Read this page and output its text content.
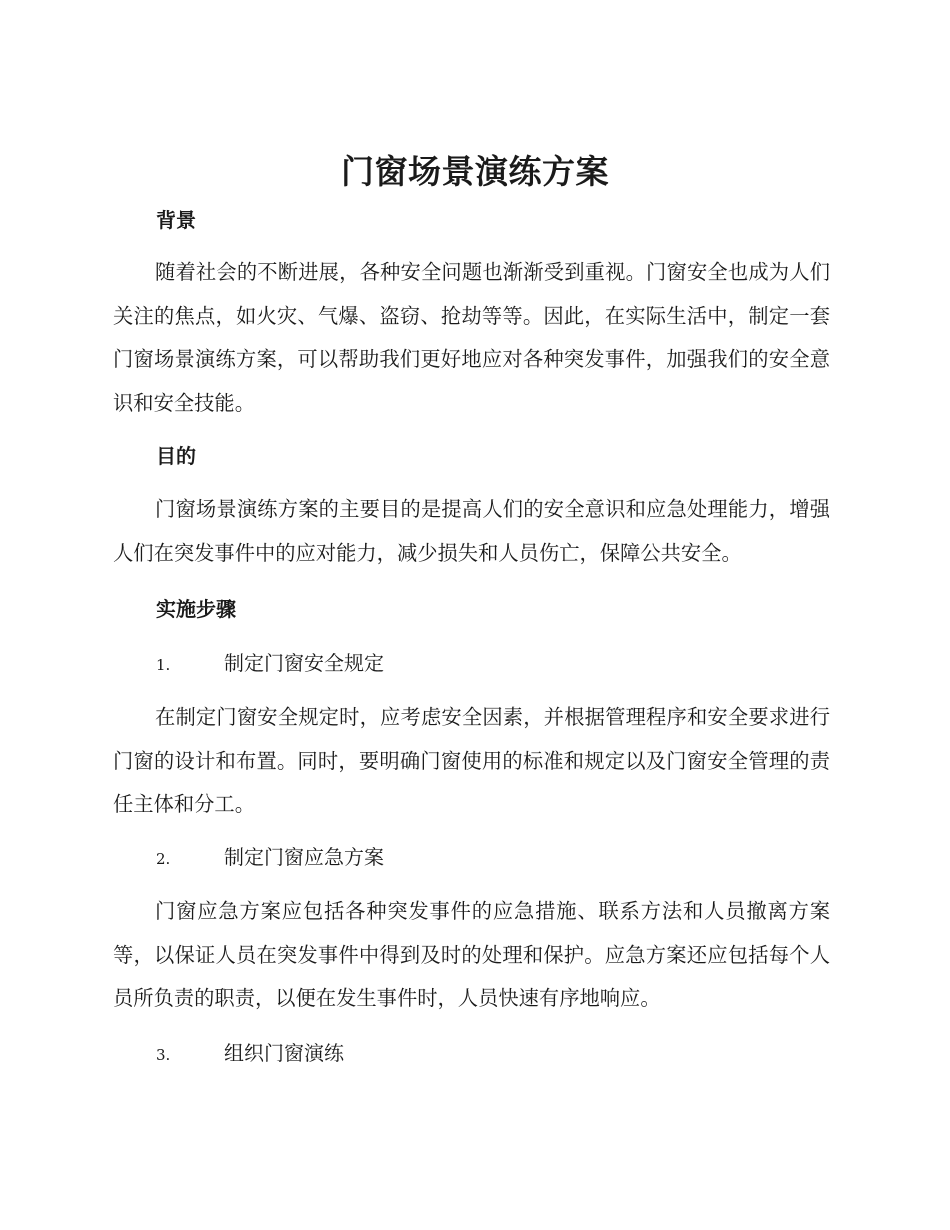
门窗场景演练方案
背景

随着社会的不断进展，各种安全问题也渐渐受到重视。门窗安全也成为人们关注的焦点，如火灾、气爆、盗窃、抢劫等等。因此，在实际生活中，制定一套门窗场景演练方案，可以帮助我们更好地应对各种突发事件，加强我们的安全意识和安全技能。

目的

门窗场景演练方案的主要目的是提高人们的安全意识和应急处理能力，增强人们在突发事件中的应对能力，减少损失和人员伤亡，保障公共安全。

实施步骤
1.	制定门窗安全规定

在制定门窗安全规定时，应考虑安全因素，并根据管理程序和安全要求进行门窗的设计和布置。同时，要明确门窗使用的标准和规定以及门窗安全管理的责任主体和分工。

2.	制定门窗应急方案

门窗应急方案应包括各种突发事件的应急措施、联系方法和人员撤离方案等，以保证人员在突发事件中得到及时的处理和保护。应急方案还应包括每个人员所负责的职责，以便在发生事件时，人员快速有序地响应。

3.	组织门窗演练
